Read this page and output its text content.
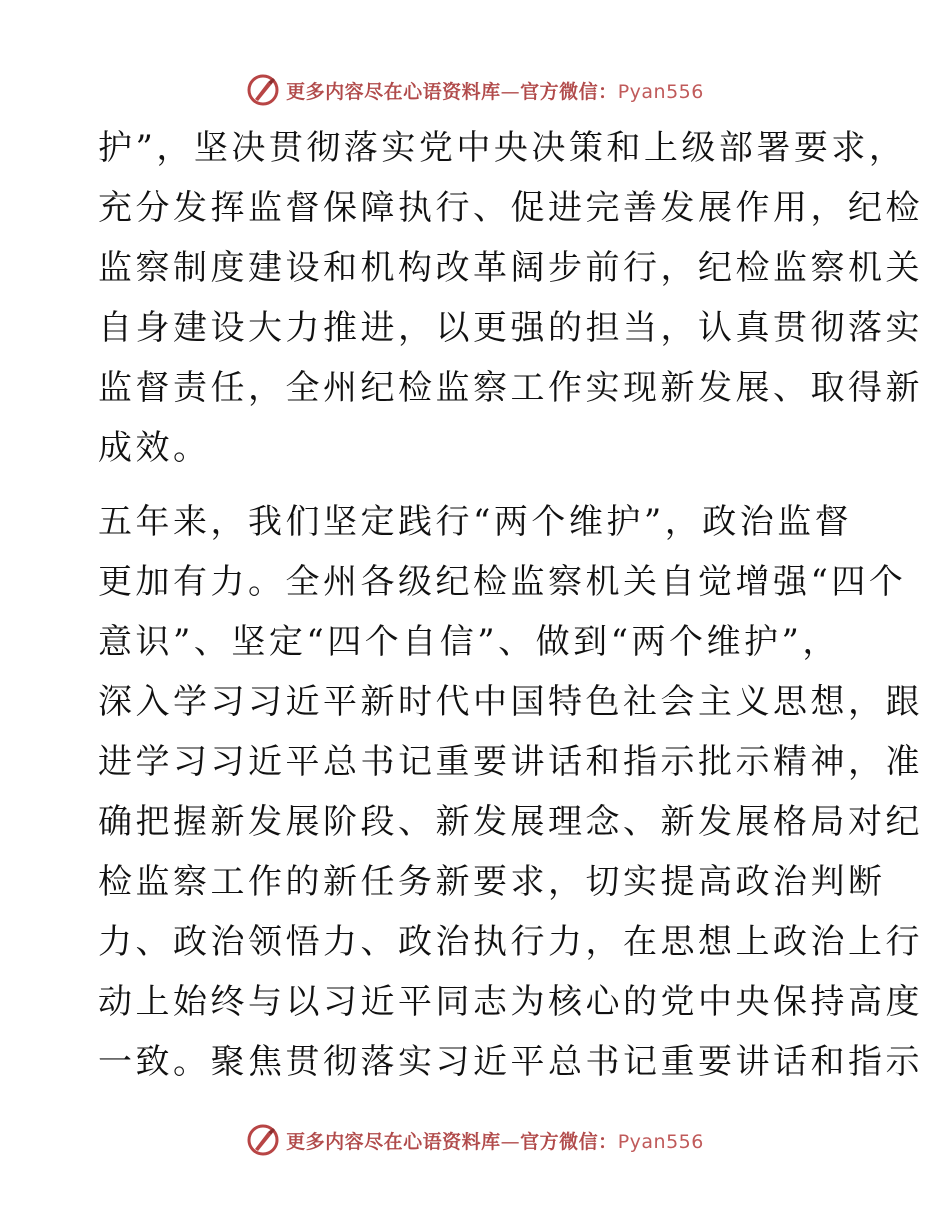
更多内容尽在心语资料库—官方微信：Pyan556
护”，坚决贯彻落实党中央决策和上级部署要求，
充分发挥监督保障执行、促进完善发展作用，纪检
监察制度建设和机构改革阔步前行，纪检监察机关
自身建设大力推进，以更强的担当，认真贯彻落实
监督责任，全州纪检监察工作实现新发展、取得新
成效。
五年来，我们坚定践行“两个维护”，政治监督
更加有力。全州各级纪检监察机关自觉增强“四个
意识”、坚定“四个自信”、做到“两个维护”，
深入学习习近平新时代中国特色社会主义思想，跟
进学习习近平总书记重要讲话和指示批示精神，准
确把握新发展阶段、新发展理念、新发展格局对纪
检监察工作的新任务新要求，切实提高政治判断
力、政治领悟力、政治执行力，在思想上政治上行
动上始终与以习近平同志为核心的党中央保持高度
一致。聚焦贯彻落实习近平总书记重要讲话和指示
更多内容尽在心语资料库—官方微信：Pyan556
